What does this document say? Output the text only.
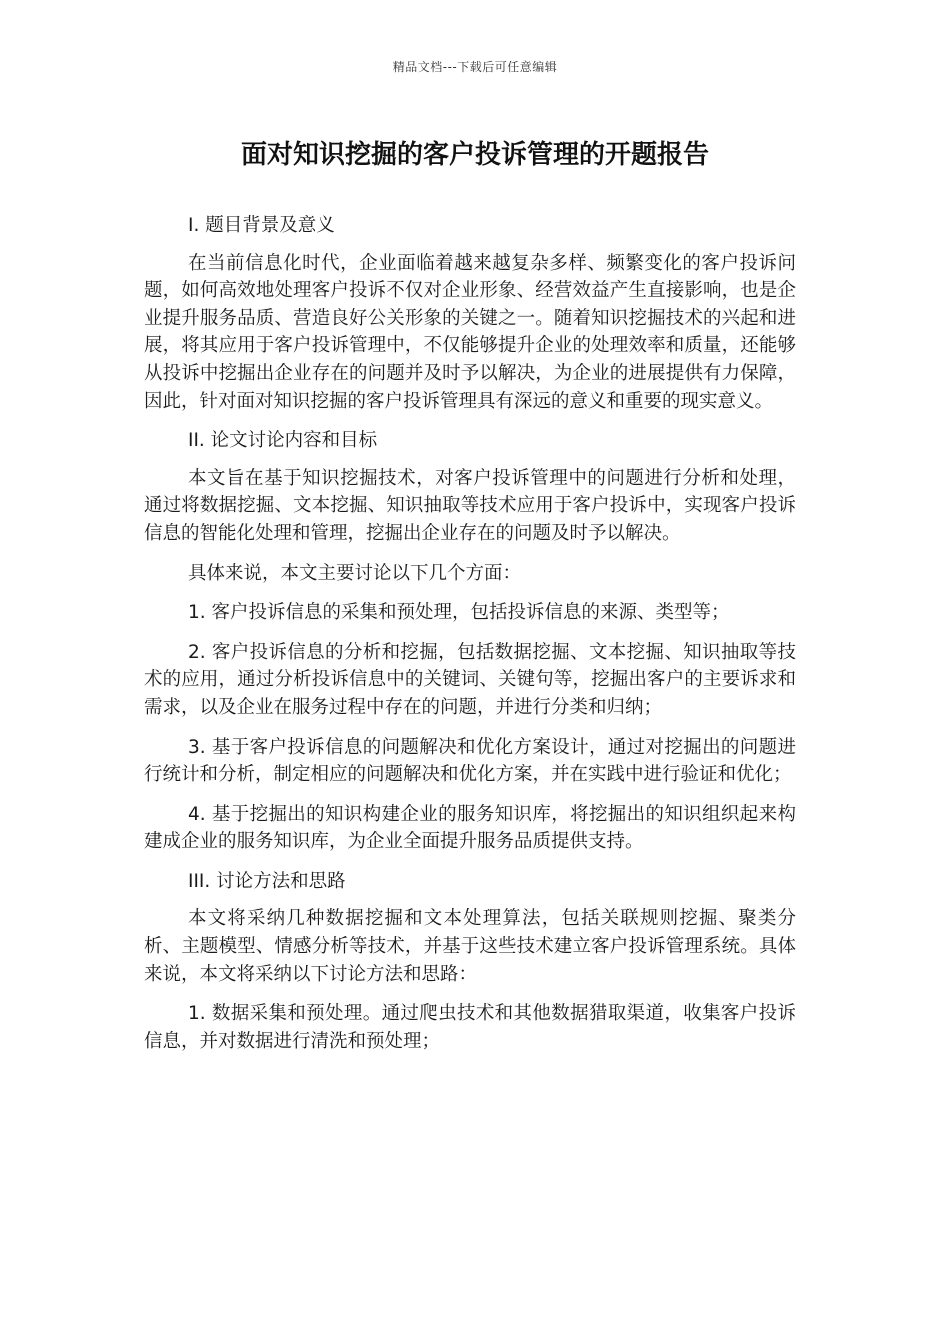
精品文档---下载后可任意编辑
面对知识挖掘的客户投诉管理的开题报告

I. 题目背景及意义

在当前信息化时代，企业面临着越来越复杂多样、频繁变化的客户投诉问题，如何高效地处理客户投诉不仅对企业形象、经营效益产生直接影响，也是企业提升服务品质、营造良好公关形象的关键之一。随着知识挖掘技术的兴起和进展，将其应用于客户投诉管理中，不仅能够提升企业的处理效率和质量，还能够从投诉中挖掘出企业存在的问题并及时予以解决，为企业的进展提供有力保障，因此，针对面对知识挖掘的客户投诉管理具有深远的意义和重要的现实意义。

II. 论文讨论内容和目标

本文旨在基于知识挖掘技术，对客户投诉管理中的问题进行分析和处理，通过将数据挖掘、文本挖掘、知识抽取等技术应用于客户投诉中，实现客户投诉信息的智能化处理和管理，挖掘出企业存在的问题及时予以解决。

具体来说，本文主要讨论以下几个方面：

1. 客户投诉信息的采集和预处理，包括投诉信息的来源、类型等；

2. 客户投诉信息的分析和挖掘，包括数据挖掘、文本挖掘、知识抽取等技术的应用，通过分析投诉信息中的关键词、关键句等，挖掘出客户的主要诉求和需求，以及企业在服务过程中存在的问题，并进行分类和归纳；

3. 基于客户投诉信息的问题解决和优化方案设计，通过对挖掘出的问题进行统计和分析，制定相应的问题解决和优化方案，并在实践中进行验证和优化；

4. 基于挖掘出的知识构建企业的服务知识库，将挖掘出的知识组织起来构建成企业的服务知识库，为企业全面提升服务品质提供支持。

III. 讨论方法和思路

本文将采纳几种数据挖掘和文本处理算法，包括关联规则挖掘、聚类分析、主题模型、情感分析等技术，并基于这些技术建立客户投诉管理系统。具体来说，本文将采纳以下讨论方法和思路：

1. 数据采集和预处理。通过爬虫技术和其他数据猎取渠道，收集客户投诉信息，并对数据进行清洗和预处理；
